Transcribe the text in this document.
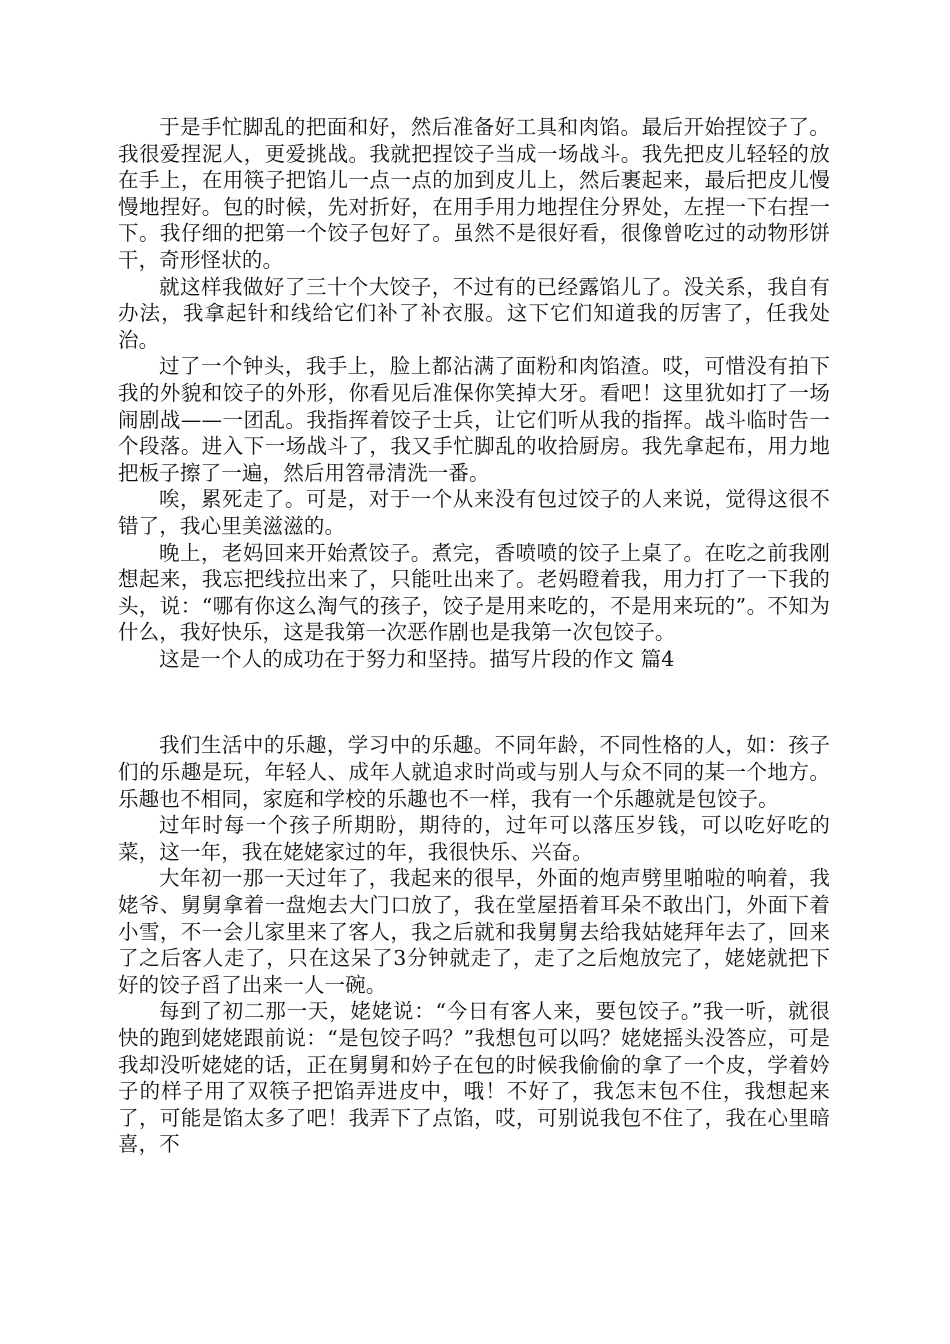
于是手忙脚乱的把面和好，然后准备好工具和肉馅。最后开始捏饺子了。我很爱捏泥人，更爱挑战。我就把捏饺子当成一场战斗。我先把皮儿轻轻的放在手上，在用筷子把馅儿一点一点的加到皮儿上，然后裹起来，最后把皮儿慢慢地捏好。包的时候，先对折好，在用手用力地捏住分界处，左捏一下右捏一下。我仔细的把第一个饺子包好了。虽然不是很好看，很像曾吃过的动物形饼干，奇形怪状的。

就这样我做好了三十个大饺子，不过有的已经露馅儿了。没关系，我自有办法，我拿起针和线给它们补了补衣服。这下它们知道我的厉害了，任我处治。

过了一个钟头，我手上，脸上都沾满了面粉和肉馅渣。哎，可惜没有拍下我的外貌和饺子的外形，你看见后准保你笑掉大牙。看吧！这里犹如打了一场闹剧战——一团乱。我指挥着饺子士兵，让它们听从我的指挥。战斗临时告一个段落。进入下一场战斗了，我又手忙脚乱的收拾厨房。我先拿起布，用力地把板子擦了一遍，然后用笤帚清洗一番。

唉，累死走了。可是，对于一个从来没有包过饺子的人来说，觉得这很不错了，我心里美滋滋的。

晚上，老妈回来开始煮饺子。煮完，香喷喷的饺子上桌了。在吃之前我刚想起来，我忘把线拉出来了，只能吐出来了。老妈瞪着我，用力打了一下我的头，说：“哪有你这么淘气的孩子，饺子是用来吃的，不是用来玩的”。不知为什么，我好快乐，这是我第一次恶作剧也是我第一次包饺子。

这是一个人的成功在于努力和坚持。描写片段的作文 篇4

我们生活中的乐趣，学习中的乐趣。不同年龄，不同性格的人，如：孩子们的乐趣是玩，年轻人、成年人就追求时尚或与别人与众不同的某一个地方。乐趣也不相同，家庭和学校的乐趣也不一样，我有一个乐趣就是包饺子。

过年时每一个孩子所期盼，期待的，过年可以落压岁钱，可以吃好吃的菜，这一年，我在姥姥家过的年，我很快乐、兴奋。

大年初一那一天过年了，我起来的很早，外面的炮声劈里啪啦的响着，我姥爷、舅舅拿着一盘炮去大门口放了，我在堂屋捂着耳朵不敢出门，外面下着小雪，不一会儿家里来了客人，我之后就和我舅舅去给我姑姥拜年去了，回来了之后客人走了，只在这呆了3分钟就走了，走了之后炮放完了，姥姥就把下好的饺子舀了出来一人一碗。

每到了初二那一天，姥姥说：“今日有客人来，要包饺子。”我一听，就很快的跑到姥姥跟前说：“是包饺子吗？”我想包可以吗？姥姥摇头没答应，可是我却没听姥姥的话，正在舅舅和妗子在包的时候我偷偷的拿了一个皮，学着妗子的样子用了双筷子把馅弄进皮中，哦！不好了，我怎末包不住，我想起来了，可能是馅太多了吧！我弄下了点馅，哎，可别说我包不住了，我在心里暗喜，不
